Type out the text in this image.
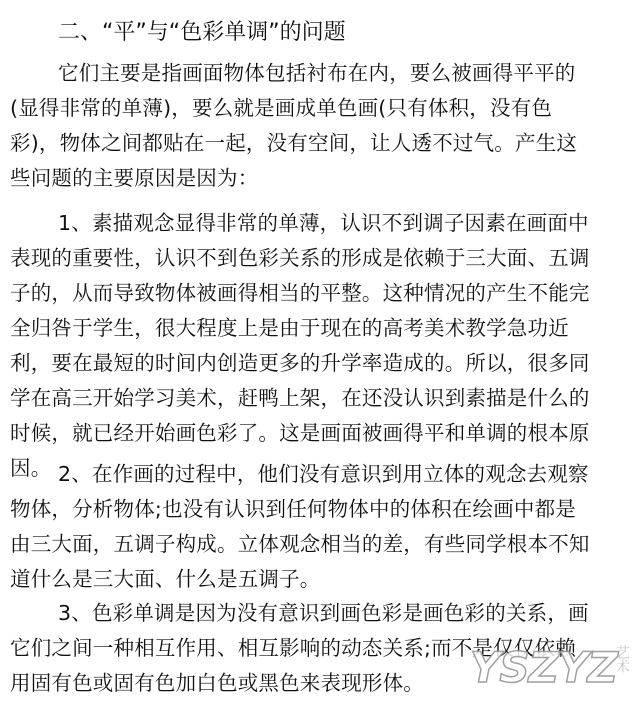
二、“平”与“色彩单调”的问题
它们主要是指画面物体包括衬布在内，要么被画得平平的
(显得非常的单薄)，要么就是画成单色画(只有体积，没有色
彩)，物体之间都贴在一起，没有空间，让人透不过气。产生这
些问题的主要原因是因为：
1、素描观念显得非常的单薄，认识不到调子因素在画面中
表现的重要性，认识不到色彩关系的形成是依赖于三大面、五调
子的，从而导致物体被画得相当的平整。这种情况的产生不能完
全归咎于学生，很大程度上是由于现在的高考美术教学急功近
利，要在最短的时间内创造更多的升学率造成的。所以，很多同
学在高三开始学习美术，赶鸭上架，在还没认识到素描是什么的
时候，就已经开始画色彩了。这是画面被画得平和单调的根本原
因。 2、在作画的过程中，他们没有意识到用立体的观念去观察
物体，分析物体;也没有认识到任何物体中的体积在绘画中都是
由三大面，五调子构成。立体观念相当的差，有些同学根本不知
道什么是三大面、什么是五调子。
3、色彩单调是因为没有意识到画色彩是画色彩的关系，画
它们之间一种相互作用、相互影响的动态关系;而不是仅仅依赖
用固有色或固有色加白色或黑色来表现形体。	YSZYZ
艺术
